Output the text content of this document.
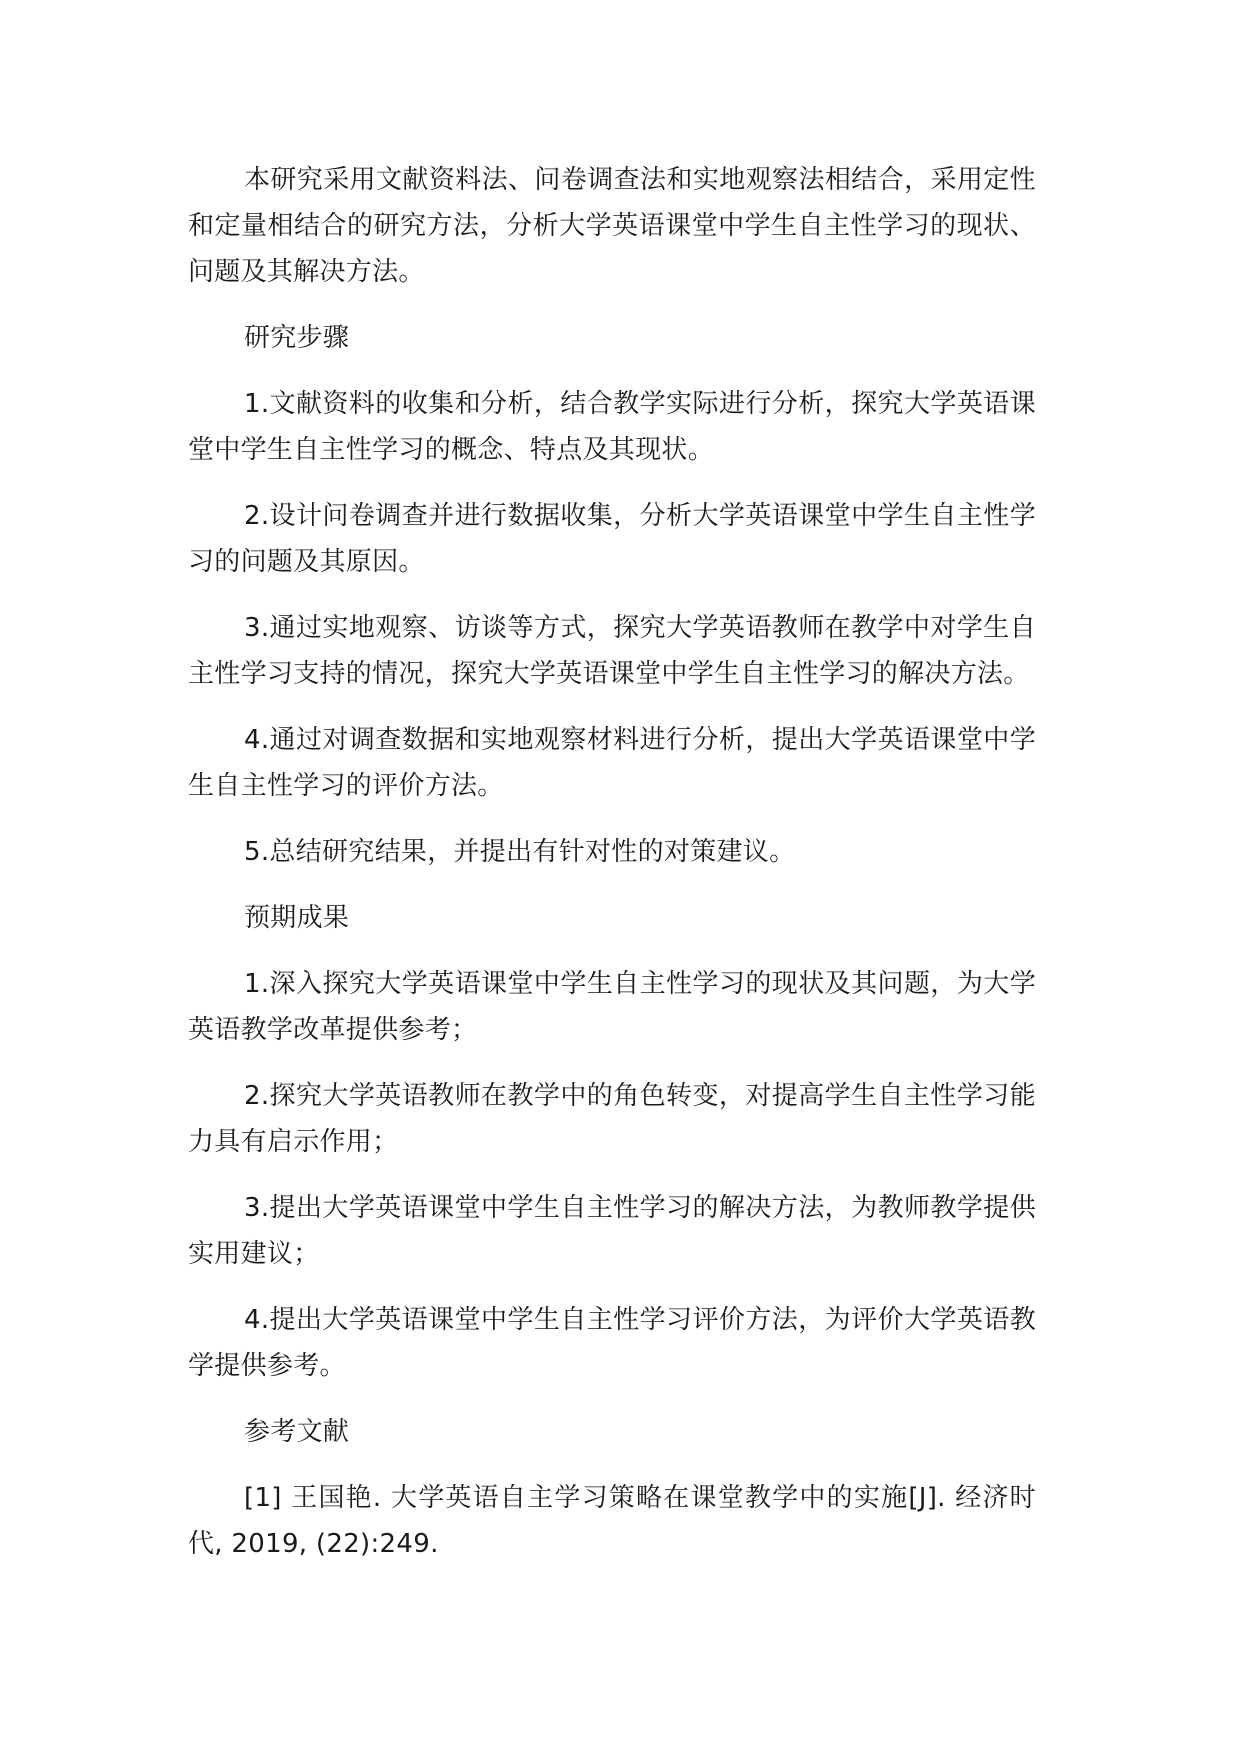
本研究采用文献资料法、问卷调查法和实地观察法相结合，采用定性和定量相结合的研究方法，分析大学英语课堂中学生自主性学习的现状、问题及其解决方法。

研究步骤

1.文献资料的收集和分析，结合教学实际进行分析，探究大学英语课堂中学生自主性学习的概念、特点及其现状。

2.设计问卷调查并进行数据收集，分析大学英语课堂中学生自主性学习的问题及其原因。

3.通过实地观察、访谈等方式，探究大学英语教师在教学中对学生自主性学习支持的情况，探究大学英语课堂中学生自主性学习的解决方法。

4.通过对调查数据和实地观察材料进行分析，提出大学英语课堂中学生自主性学习的评价方法。

5.总结研究结果，并提出有针对性的对策建议。

预期成果

1.深入探究大学英语课堂中学生自主性学习的现状及其问题，为大学英语教学改革提供参考；

2.探究大学英语教师在教学中的角色转变，对提高学生自主性学习能力具有启示作用；

3.提出大学英语课堂中学生自主性学习的解决方法，为教师教学提供实用建议；

4.提出大学英语课堂中学生自主性学习评价方法，为评价大学英语教学提供参考。

参考文献

[1] 王国艳. 大学英语自主学习策略在课堂教学中的实施[J]. 经济时代, 2019, (22):249.
